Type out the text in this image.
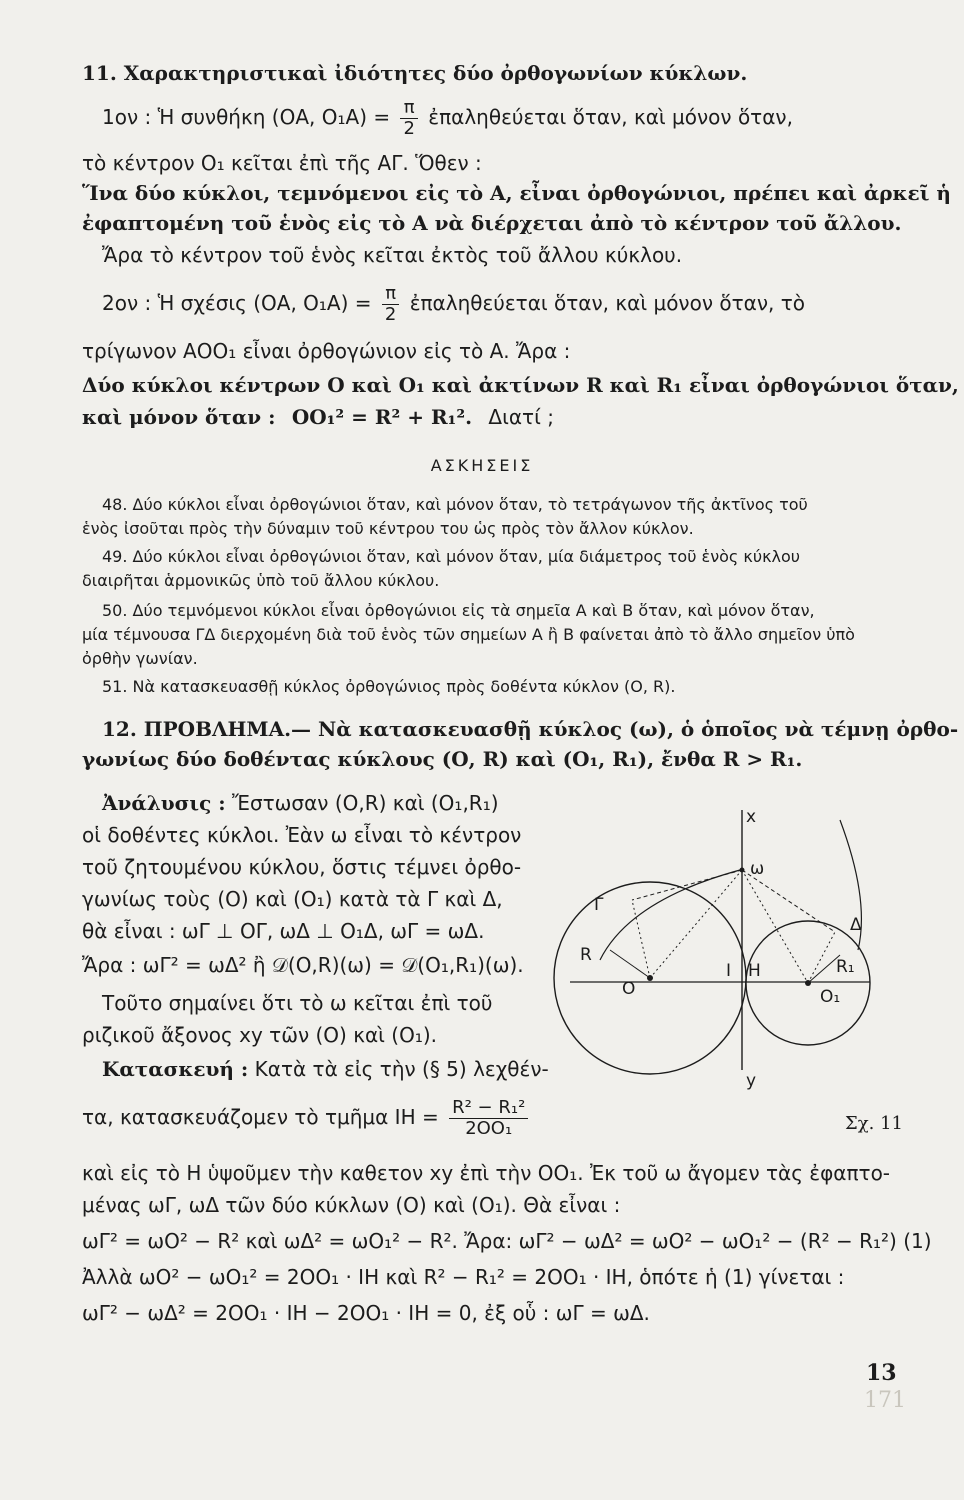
11. Χαρακτηριστικαὶ ἰδιότητες δύο ὀρθογωνίων κύκλων.
1ον : Ἡ συνθήκη (ΟΑ, $O_1A) = \frac{\pi}{2}$ ἐπαληθεύεται ὅταν, καὶ μόνον ὅταν,
τὸ κέντρον Ο₁ κεῖται ἐπὶ τῆς ΑΓ. Ὅθεν :
Ἵνα δύο κύκλοι, τεμνόμενοι εἰς τὸ Α, εἶναι ὀρθογώνιοι, πρέπει καὶ ἀρκεῖ ἡ
ἐφαπτομένη τοῦ ἑνὸς εἰς τὸ Α νὰ διέρχεται ἀπὸ τὸ κέντρον τοῦ ἄλλου.
Ἄρα τὸ κέντρον τοῦ ἑνὸς κεῖται ἐκτὸς τοῦ ἄλλου κύκλου.
2ον : Ἡ σχέσις (ΟΑ, $O_1A) = \frac{\pi}{2}$ ἐπαληθεύεται ὅταν, καὶ μόνον ὅταν, τὸ
τρίγωνον ΑΟΟ₁ εἶναι ὀρθογώνιον εἰς τὸ Α. Ἄρα :
Δύο κύκλοι κέντρων Ο καὶ Ο₁ καὶ ἀκτίνων R καὶ R₁ εἶναι ὀρθογώνιοι ὅταν,
καὶ μόνον ὅταν : ΟΟ₁² = R² + R₁². Διατί ;
ΑΣΚΗΣΕΙΣ
48. Δύο κύκλοι εἶναι ὀρθογώνιοι ὅταν, καὶ μόνον ὅταν, τὸ τετράγωνον τῆς ἀκτῖνος τοῦ
ἑνὸς ἰσοῦται πρὸς τὴν δύναμιν τοῦ κέντρου του ὡς πρὸς τὸν ἄλλον κύκλον.
49. Δύο κύκλοι εἶναι ὀρθογώνιοι ὅταν, καὶ μόνον ὅταν, μία διάμετρος τοῦ ἑνὸς κύκλου
διαιρῆται ἁρμονικῶς ὑπὸ τοῦ ἄλλου κύκλου.
50. Δύο τεμνόμενοι κύκλοι εἶναι ὀρθογώνιοι εἰς τὰ σημεῖα Α καὶ Β ὅταν, καὶ μόνον ὅταν,
μία τέμνουσα ΓΔ διερχομένη διὰ τοῦ ἑνὸς τῶν σημείων Α ἢ Β φαίνεται ἀπὸ τὸ ἄλλο σημεῖον ὑπὸ
ὀρθὴν γωνίαν.
51. Νὰ κατασκευασθῇ κύκλος ὀρθογώνιος πρὸς δοθέντα κύκλον (Ο, R).
12. ΠΡΟΒΛΗΜΑ.— Νὰ κατασκευασθῇ κύκλος (ω), ὁ ὁποῖος νὰ τέμνῃ ὀρθο-
γωνίως δύο δοθέντας κύκλους (Ο, R) καὶ (Ο₁, R₁), ἔνθα R > R₁.
Ἀνάλυσις : Ἔστωσαν (Ο,R) καὶ (Ο₁,R₁)
οἱ δοθέντες κύκλοι. Ἐὰν ω εἶναι τὸ κέντρον
τοῦ ζητουμένου κύκλου, ὅστις τέμνει ὀρθο-
γωνίως τοὺς (Ο) καὶ (Ο₁) κατὰ τὰ Γ καὶ Δ,
θὰ εἶναι : ωΓ ⊥ ΟΓ, ωΔ ⊥ Ο₁Δ, ωΓ = ωΔ.
Ἄρα : ωΓ² = ωΔ² ἢ 𝒟(Ο,R)(ω) = 𝒟(Ο₁,R₁)(ω).
Τοῦτο σημαίνει ὅτι τὸ ω κεῖται ἐπὶ τοῦ
ριζικοῦ ἄξονος xy τῶν (Ο) καὶ (Ο₁).
Κατασκευή : Κατὰ τὰ εἰς τὴν (§ 5) λεχθέν-
τα, κατασκευάζομεν τὸ τμῆμα $IH = \frac{\text{R² − R₁²}}{\text{2ΟΟ₁}}$
καὶ εἰς τὸ Η ὑψοῦμεν τὴν καθετον xy ἐπὶ τὴν ΟΟ₁. Ἐκ τοῦ ω ἄγομεν τὰς ἐφαπτο-
μένας ωΓ, ωΔ τῶν δύο κύκλων (Ο) καὶ (Ο₁). Θὰ εἶναι :
ωΓ² = ωΟ² − R² καὶ ωΔ² = ωΟ₁² − R². Ἄρα: ωΓ² − ωΔ² = ωΟ² − ωΟ₁² − (R² − R₁²) (1)
Ἀλλὰ ωΟ² − ωΟ₁² = 2ΟΟ₁ · ΙΗ καὶ R² − R₁² = 2ΟΟ₁ · ΙΗ, ὁπότε ἡ (1) γίνεται :
ωΓ² − ωΔ² = 2ΟΟ₁ · ΙΗ − 2ΟΟ₁ · ΙΗ = 0, ἐξ οὗ : ωΓ = ωΔ.
x
ω
Γ
Δ
R
R₁
I H
O	O₁
y
Σχ. 11
13
171
